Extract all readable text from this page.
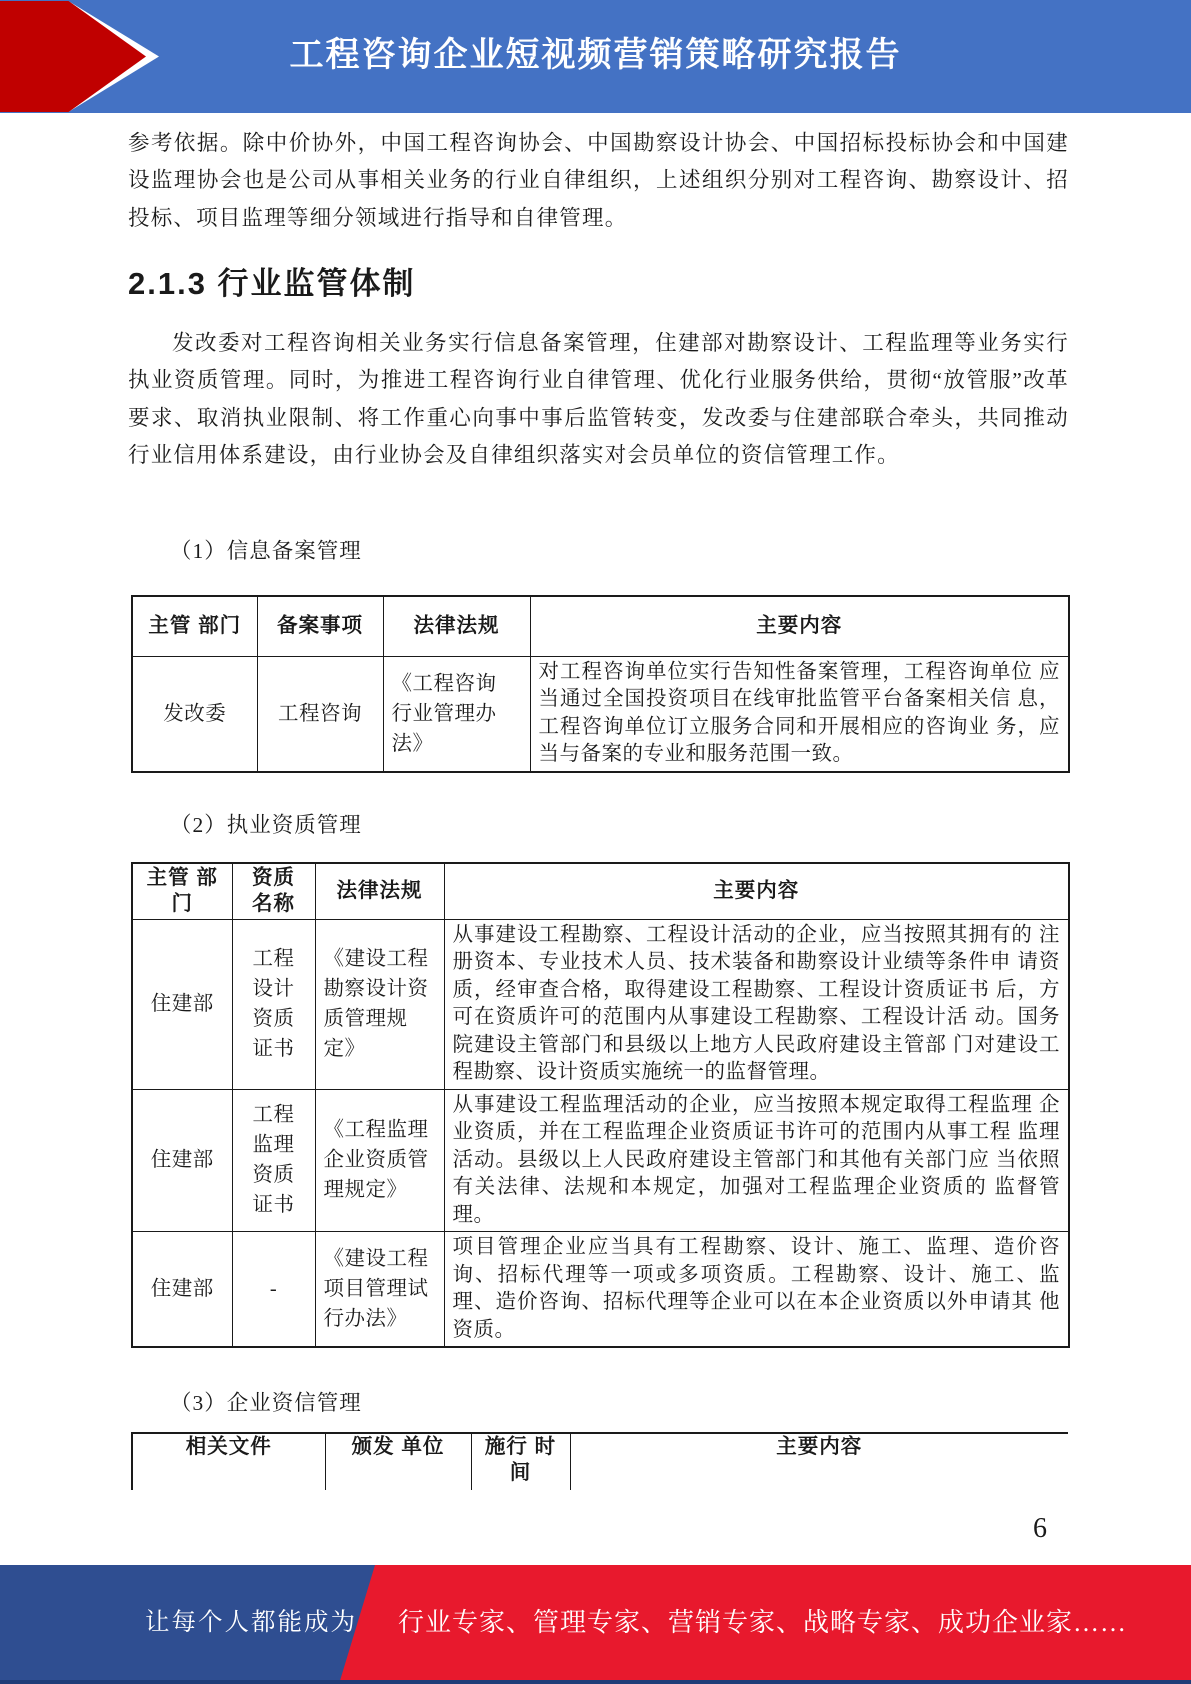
工程咨询企业短视频营销策略研究报告

参考依据。除中价协外，中国工程咨询协会、中国勘察设计协会、中国招标投标协会和中国建设监理协会也是公司从事相关业务的行业自律组织，上述组织分别对工程咨询、勘察设计、招投标、项目监理等细分领域进行指导和自律管理。

2.1.3 行业监管体制

发改委对工程咨询相关业务实行信息备案管理，住建部对勘察设计、工程监理等业务实行执业资质管理。同时，为推进工程咨询行业自律管理、优化行业服务供给，贯彻“放管服”改革要求、取消执业限制、将工作重心向事中事后监管转变，发改委与住建部联合牵头，共同推动行业信用体系建设，由行业协会及自律组织落实对会员单位的资信管理工作。

（1）信息备案管理
主管 部门	备案事项	法律法规	主要内容
发改委	工程咨询	《工程咨询 行业管理办 法》	对工程咨询单位实行告知性备案管理，工程咨询单位 应当通过全国投资项目在线审批监管平台备案相关信 息，工程咨询单位订立服务合同和开展相应的咨询业 务，应当与备案的专业和服务范围一致。
（2）执业资质管理
主管 部门	资质 名称	法律法规	主要内容
住建部	工程 设计 资质 证书	《建设工程勘察设计资质管理规定》	从事建设工程勘察、工程设计活动的企业，应当按照其拥有的 注册资本、专业技术人员、技术装备和勘察设计业绩等条件申 请资质，经审查合格，取得建设工程勘察、工程设计资质证书 后，方可在资质许可的范围内从事建设工程勘察、工程设计活 动。国务院建设主管部门和县级以上地方人民政府建设主管部 门对建设工程勘察、设计资质实施统一的监督管理。
住建部	工程 监理 资质 证书	《工程监理企业资质管理规定》	从事建设工程监理活动的企业，应当按照本规定取得工程监理 企业资质，并在工程监理企业资质证书许可的范围内从事工程 监理活动。县级以上人民政府建设主管部门和其他有关部门应 当依照有关法律、法规和本规定，加强对工程监理企业资质的 监督管理。
住建部	-	《建设工程项目管理试行办法》	项目管理企业应当具有工程勘察、设计、施工、监理、造价咨 询、招标代理等一项或多项资质。工程勘察、设计、施工、监 理、造价咨询、招标代理等企业可以在本企业资质以外申请其 他资质。
（3）企业资信管理
相关文件	颁发 单位	施行 时间	主要内容
6
让每个人都能成为 行业专家、管理专家、营销专家、战略专家、成功企业家……
